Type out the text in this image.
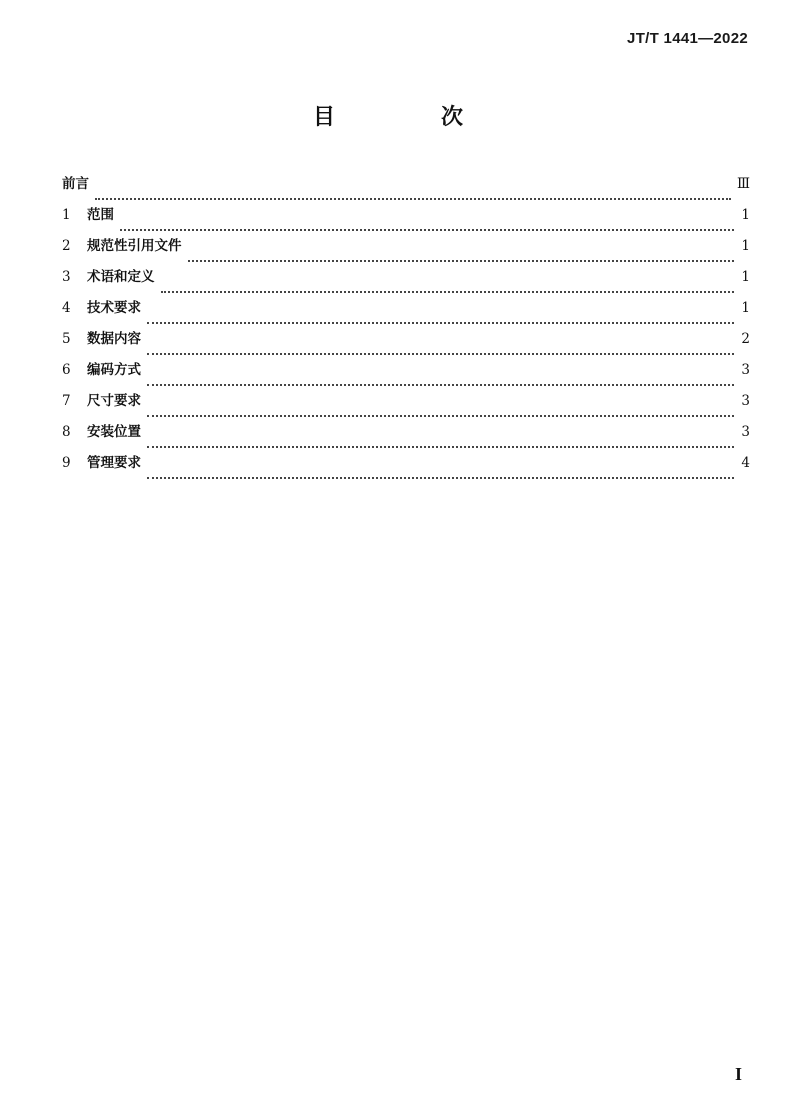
JT/T 1441—2022
目　次
前言	Ⅲ
1	范围	1
2	规范性引用文件	1
3	术语和定义	1
4	技术要求	1
5	数据内容	2
6	编码方式	3
7	尺寸要求	3
8	安装位置	3
9	管理要求	4
I
